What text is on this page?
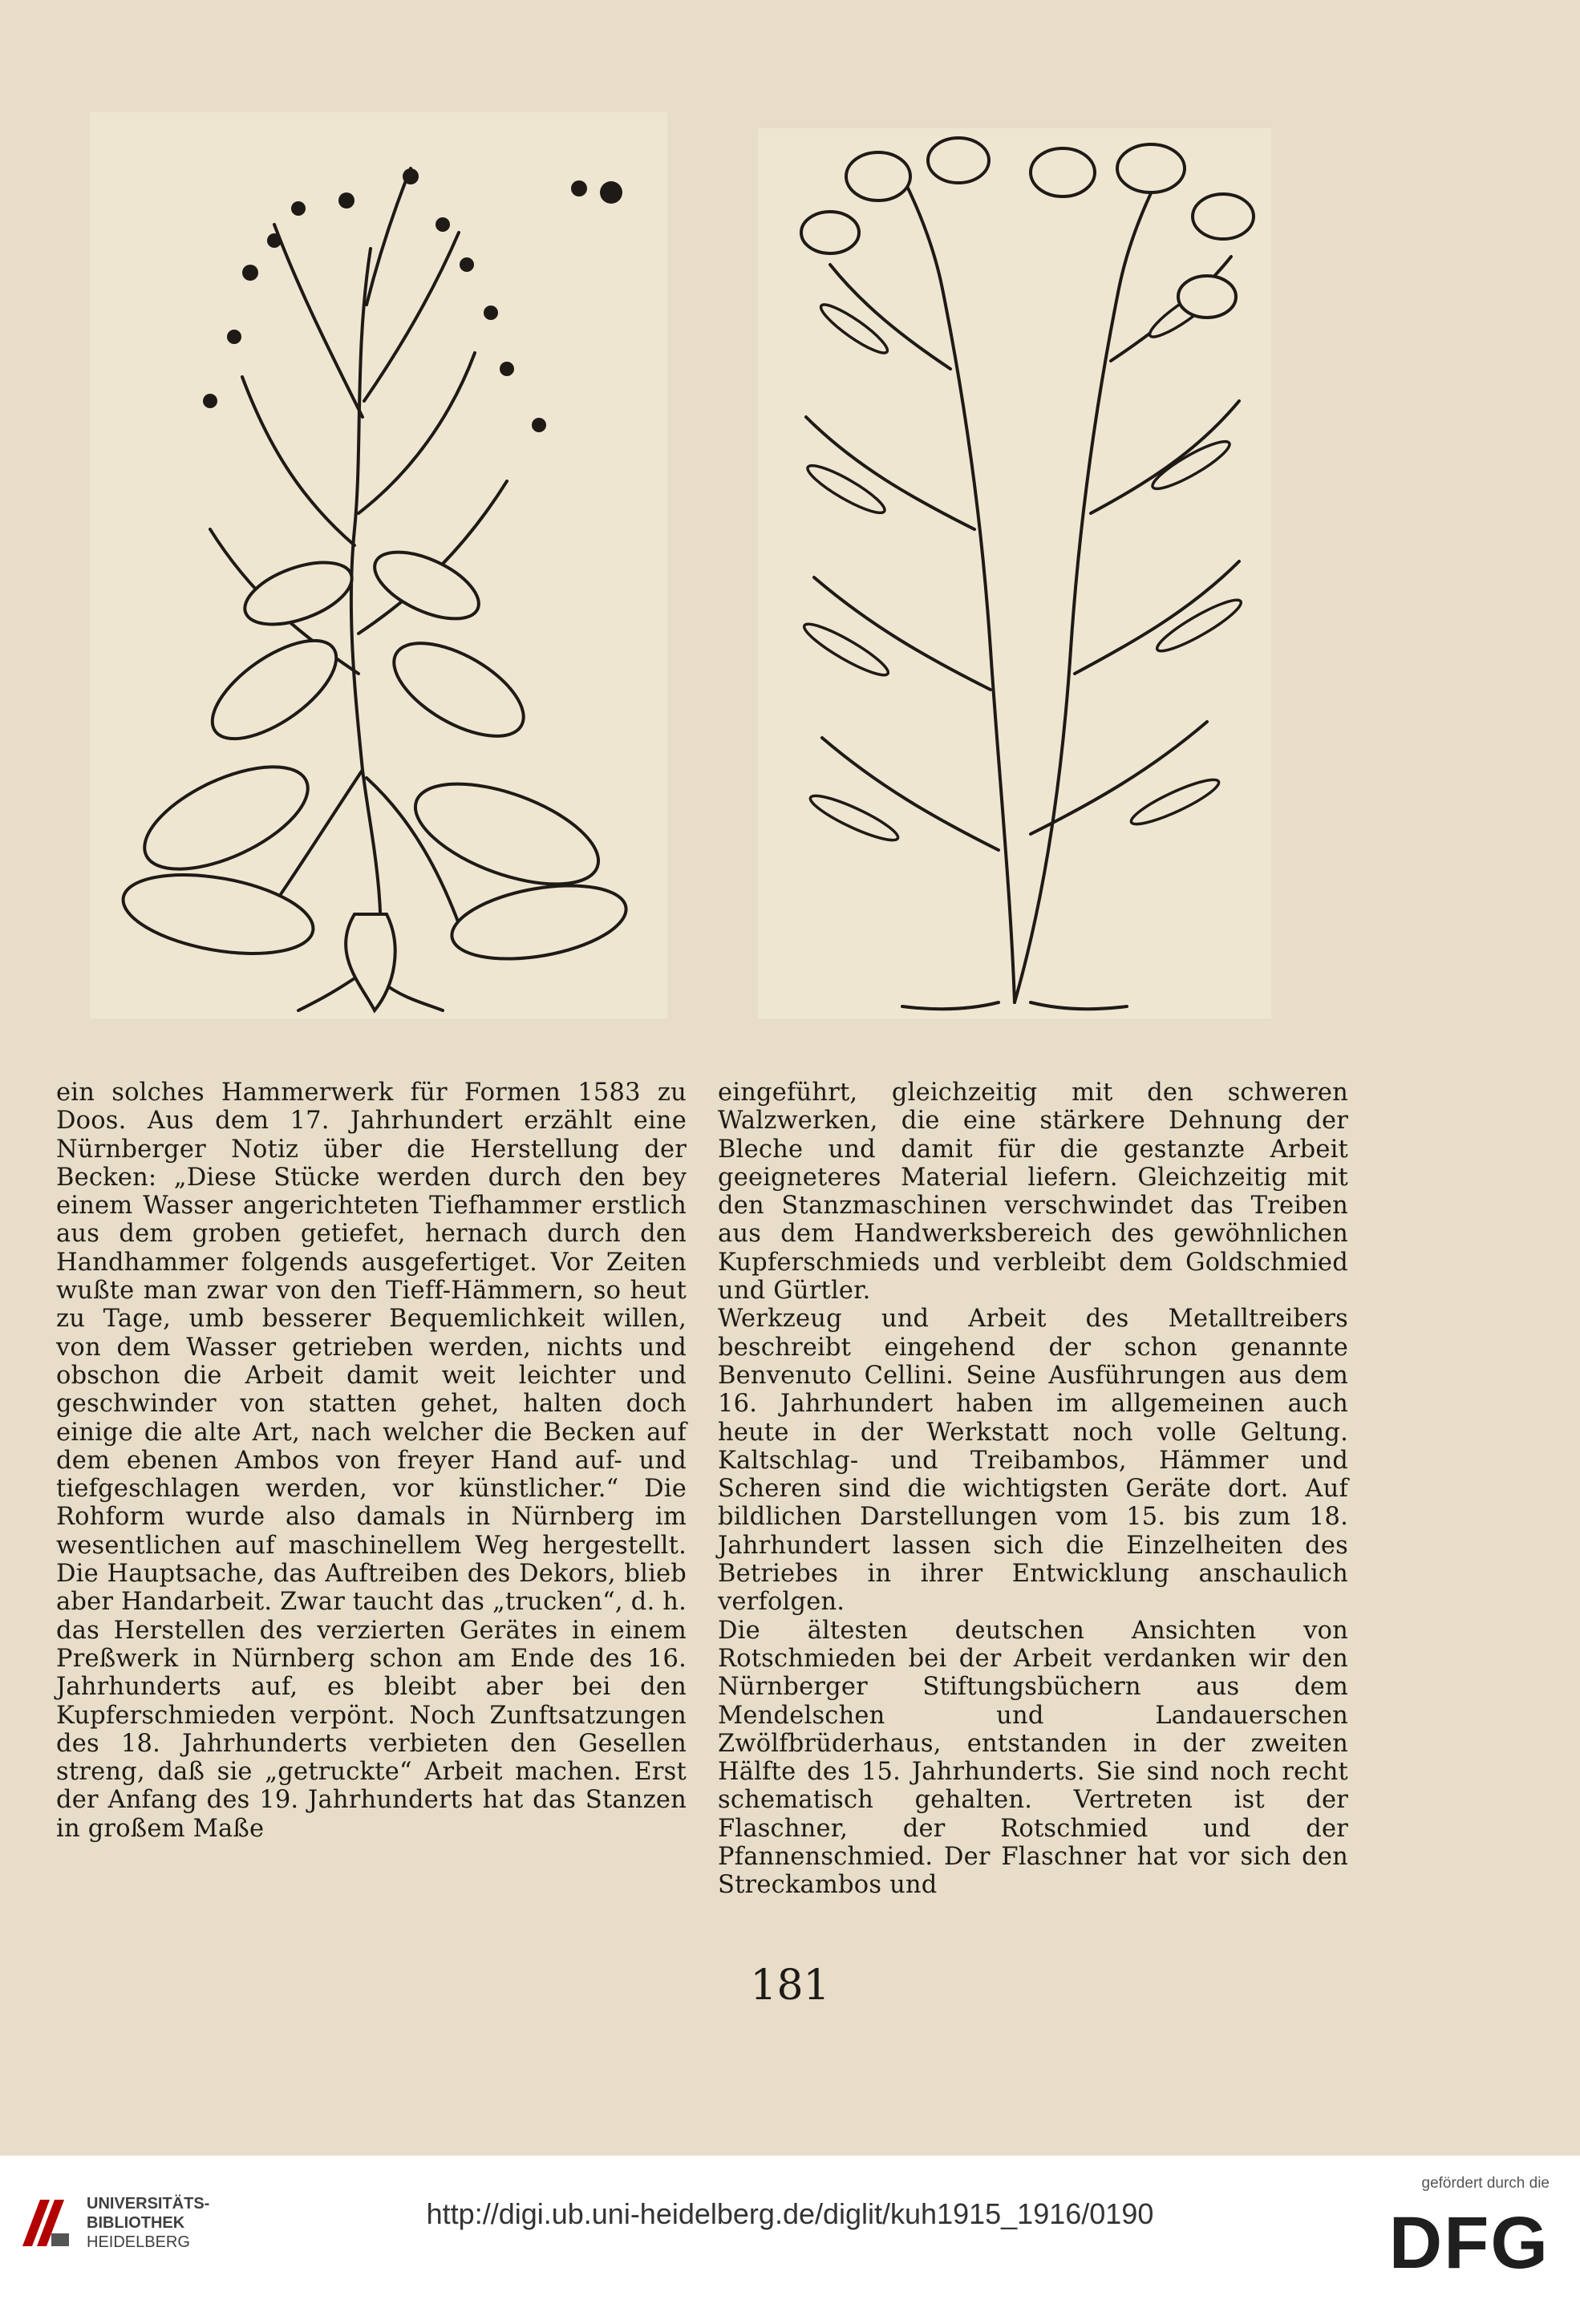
ein solches Hammerwerk für Formen 1583 zu Doos. Aus dem 17. Jahrhundert erzählt eine Nürnberger Notiz über die Herstellung der Becken: „Diese Stücke werden durch den bey einem Wasser angerichteten Tiefhammer erstlich aus dem groben getiefet, hernach durch den Handhammer folgends ausgefertiget. Vor Zeiten wußte man zwar von den Tieff-Hämmern, so heut zu Tage, umb besserer Bequemlichkeit willen, von dem Wasser getrieben werden, nichts und obschon die Arbeit damit weit leichter und geschwinder von statten gehet, halten doch einige die alte Art, nach welcher die Becken auf dem ebenen Ambos von freyer Hand auf- und tiefgeschlagen werden, vor künstlicher.“ Die Rohform wurde also damals in Nürnberg im wesentlichen auf maschinellem Weg hergestellt. Die Hauptsache, das Auftreiben des Dekors, blieb aber Handarbeit. Zwar taucht das „trucken“, d. h. das Herstellen des verzierten Gerätes in einem Preßwerk in Nürnberg schon am Ende des 16. Jahrhunderts auf, es bleibt aber bei den Kupferschmieden verpönt. Noch Zunftsatzungen des 18. Jahrhunderts verbieten den Gesellen streng, daß sie „getruckte“ Arbeit machen. Erst der Anfang des 19. Jahrhunderts hat das Stanzen in großem Maße

eingeführt, gleichzeitig mit den schweren Walzwerken, die eine stärkere Dehnung der Bleche und damit für die gestanzte Arbeit geeigneteres Material liefern. Gleichzeitig mit den Stanzmaschinen verschwindet das Treiben aus dem Handwerksbereich des gewöhnlichen Kupferschmieds und verbleibt dem Goldschmied und Gürtler.

Werkzeug und Arbeit des Metalltreibers beschreibt eingehend der schon genannte Benvenuto Cellini. Seine Ausführungen aus dem 16. Jahrhundert haben im allgemeinen auch heute in der Werkstatt noch volle Geltung. Kaltschlag- und Treibambos, Hämmer und Scheren sind die wichtigsten Geräte dort. Auf bildlichen Darstellungen vom 15. bis zum 18. Jahrhundert lassen sich die Einzelheiten des Betriebes in ihrer Entwicklung anschaulich verfolgen.

Die ältesten deutschen Ansichten von Rotschmieden bei der Arbeit verdanken wir den Nürnberger Stiftungsbüchern aus dem Mendelschen und Landauerschen Zwölfbrüderhaus, entstanden in der zweiten Hälfte des 15. Jahrhunderts. Sie sind noch recht schematisch gehalten. Vertreten ist der Flaschner, der Rotschmied und der Pfannenschmied. Der Flaschner hat vor sich den Streckambos und

181
UNIVERSITÄTS-
BIBLIOTHEK
HEIDELBERG
http://digi.ub.uni-heidelberg.de/diglit/kuh1915_1916/0190
gefördert durch die
DFG
